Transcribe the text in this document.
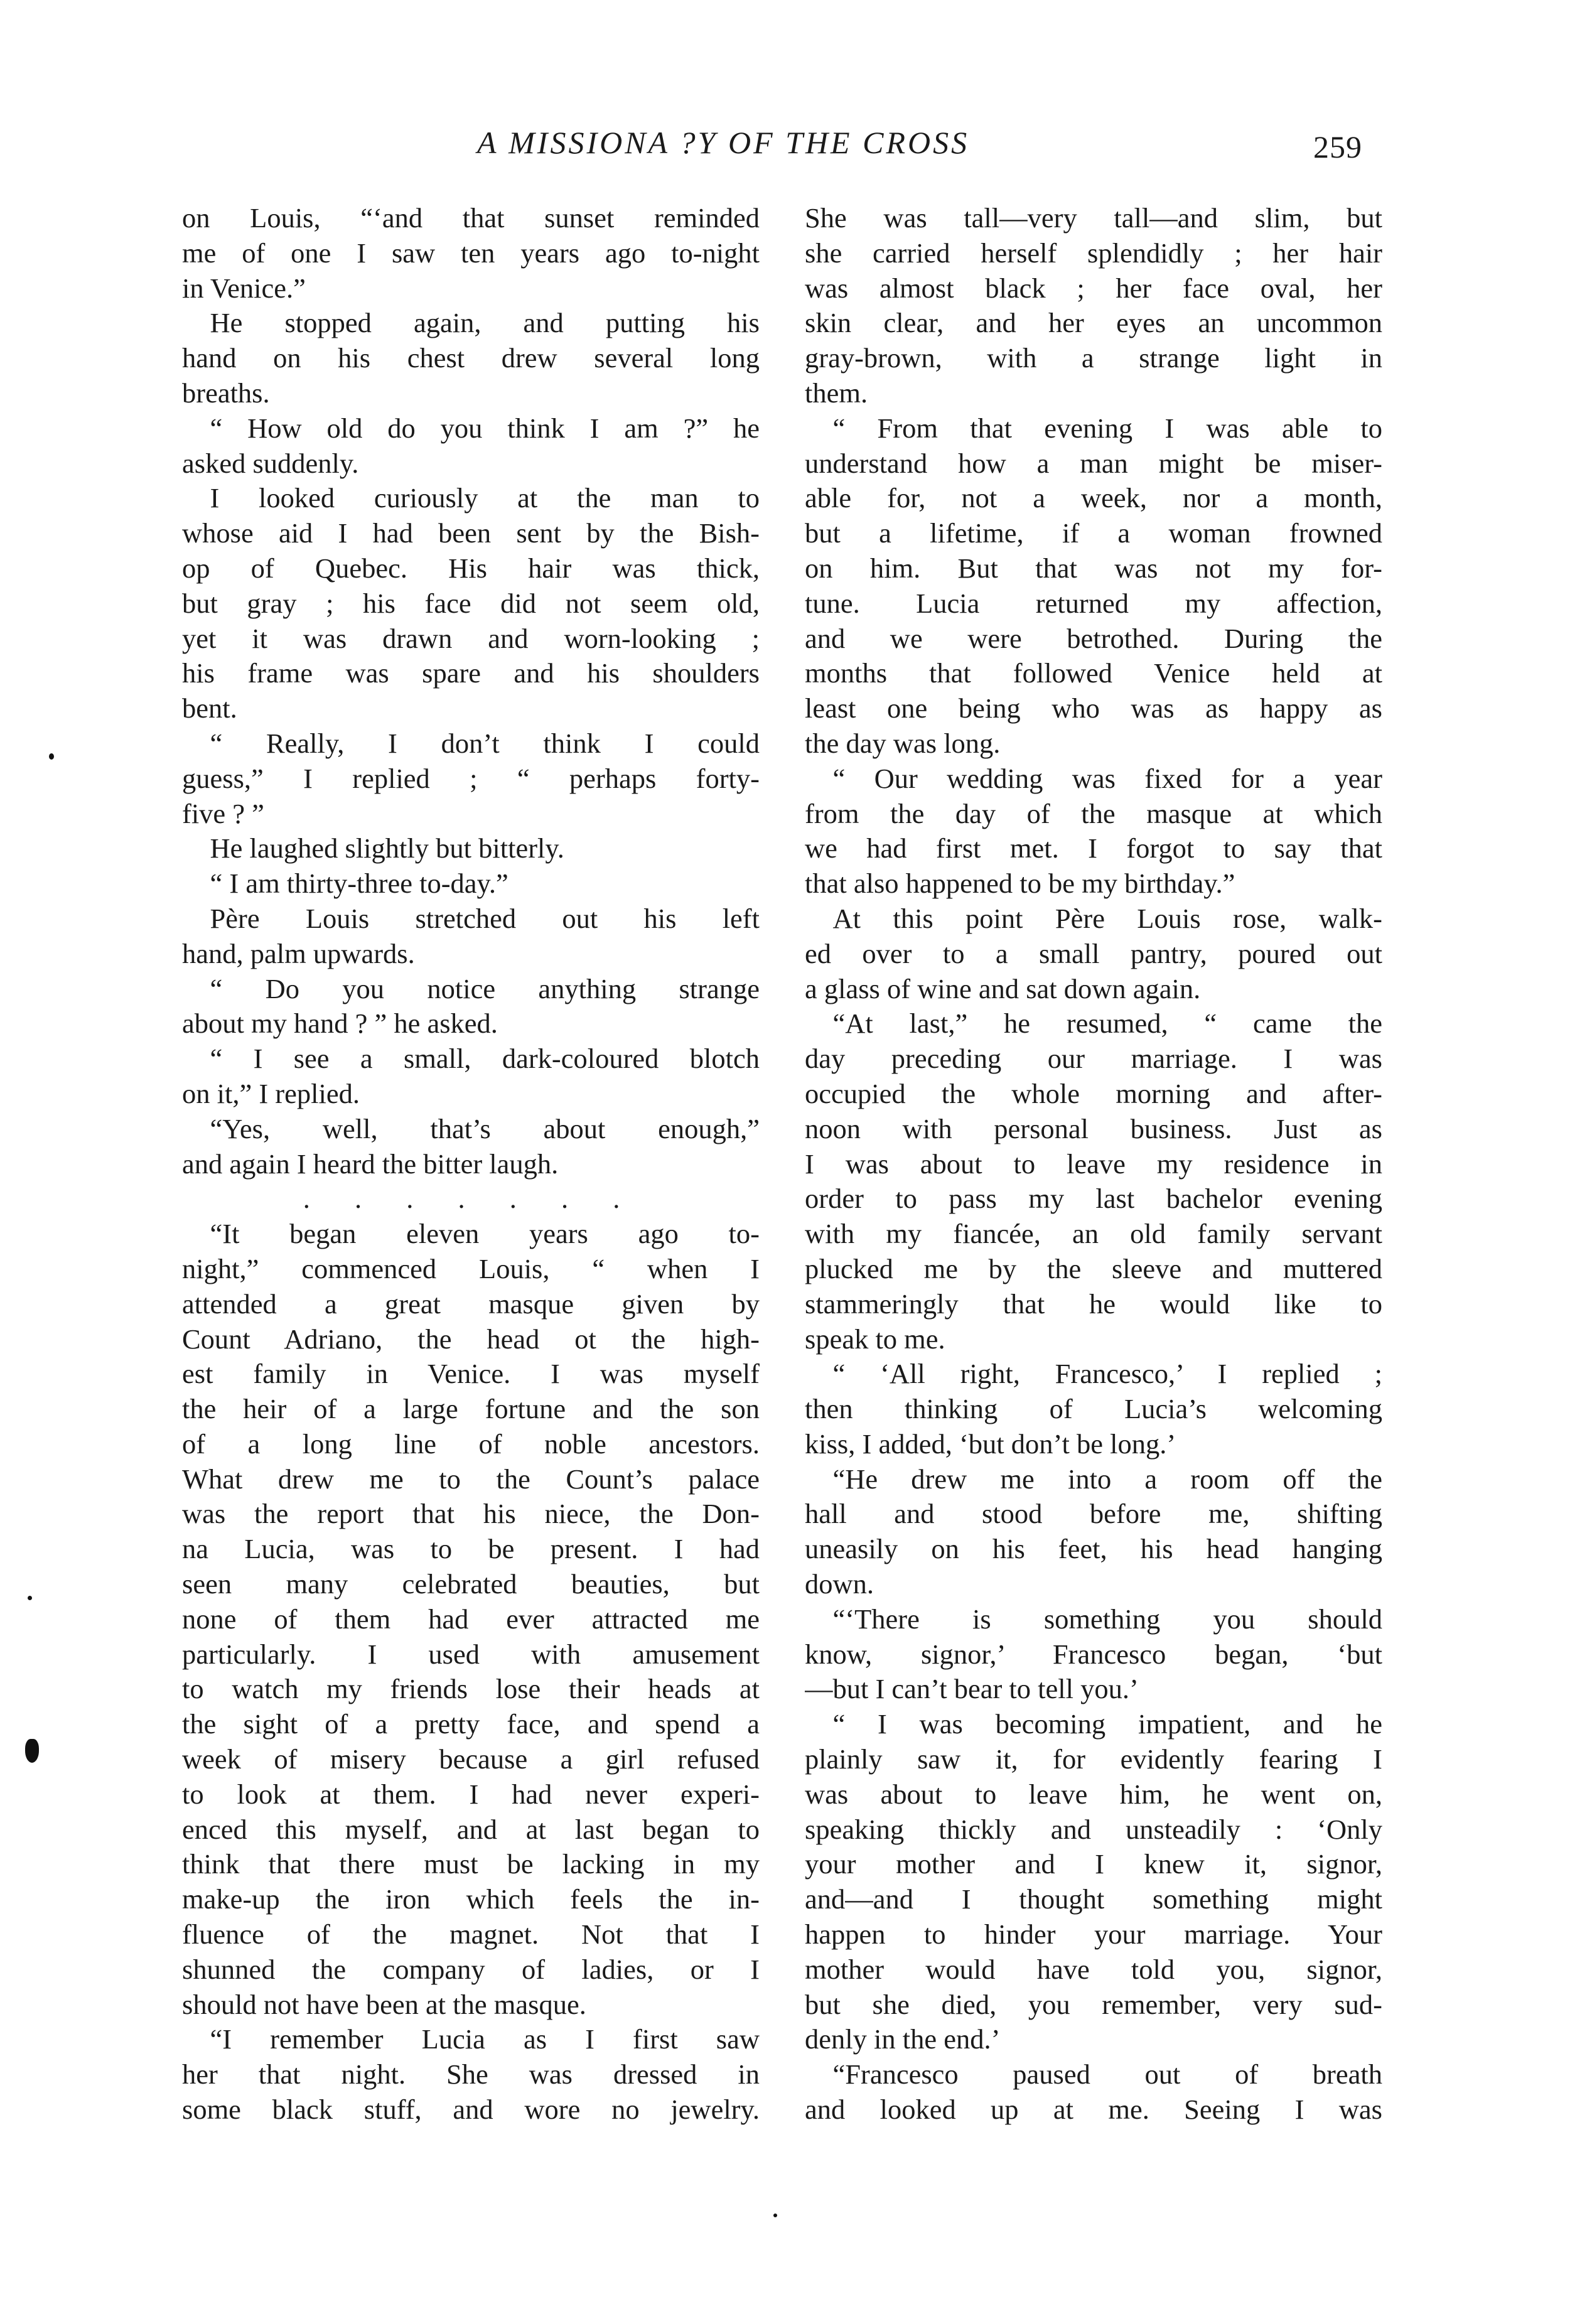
A MISSIONA ?Y OF THE CROSS	259
on Louis, “‘and that sunset reminded
me of one I saw ten years ago to-night
in Venice.”
 He stopped again, and putting his
hand on his chest drew several long
breaths.
 “ How old do you think I am ?” he
asked suddenly.
 I looked curiously at the man to
whose aid I had been sent by the Bish-
op of Quebec. His hair was thick,
but gray ; his face did not seem old,
yet it was drawn and worn-looking ;
his frame was spare and his shoulders
bent.
 “ Really, I don’t think I could
guess,” I replied ; “ perhaps forty-
five ? ”
 He laughed slightly but bitterly.
 “ I am thirty-three to-day.”
 Père Louis stretched out his left
hand, palm upwards.
 “ Do you notice anything strange
about my hand ? ” he asked.
 “ I see a small, dark-coloured blotch
on it,” I replied.
 “Yes, well, that’s about enough,”
and again I heard the bitter laugh.
. . . . . . .
 “It began eleven years ago to-
night,” commenced Louis, “ when I
attended a great masque given by
Count Adriano, the head ot the high-
est family in Venice. I was myself
the heir of a large fortune and the son
of a long line of noble ancestors.
What drew me to the Count’s palace
was the report that his niece, the Don-
na Lucia, was to be present. I had
seen many celebrated beauties, but
none of them had ever attracted me
particularly. I used with amusement
to watch my friends lose their heads at
the sight of a pretty face, and spend a
week of misery because a girl refused
to look at them. I had never experi-
enced this myself, and at last began to
think that there must be lacking in my
make-up the iron which feels the in-
fluence of the magnet. Not that I
shunned the company of ladies, or I
should not have been at the masque.
 “I remember Lucia as I first saw
her that night. She was dressed in
some black stuff, and wore no jewelry.
She was tall—very tall—and slim, but
she carried herself splendidly ; her hair
was almost black ; her face oval, her
skin clear, and her eyes an uncommon
gray-brown, with a strange light in
them.
 “ From that evening I was able to
understand how a man might be miser-
able for, not a week, nor a month,
but a lifetime, if a woman frowned
on him. But that was not my for-
tune. Lucia returned my affection,
and we were betrothed. During the
months that followed Venice held at
least one being who was as happy as
the day was long.
 “ Our wedding was fixed for a year
from the day of the masque at which
we had first met. I forgot to say that
that also happened to be my birthday.”
 At this point Père Louis rose, walk-
ed over to a small pantry, poured out
a glass of wine and sat down again.
 “At last,” he resumed, “ came the
day preceding our marriage. I was
occupied the whole morning and after-
noon with personal business. Just as
I was about to leave my residence in
order to pass my last bachelor evening
with my fiancée, an old family servant
plucked me by the sleeve and muttered
stammeringly that he would like to
speak to me.
 “ ‘All right, Francesco,’ I replied ;
then thinking of Lucia’s welcoming
kiss, I added, ‘but don’t be long.’
 “He drew me into a room off the
hall and stood before me, shifting
uneasily on his feet, his head hanging
down.
 “‘There is something you should
know, signor,’ Francesco began, ‘but
—but I can’t bear to tell you.’
 “ I was becoming impatient, and he
plainly saw it, for evidently fearing I
was about to leave him, he went on,
speaking thickly and unsteadily : ‘Only
your mother and I knew it, signor,
and—and I thought something might
happen to hinder your marriage. Your
mother would have told you, signor,
but she died, you remember, very sud-
denly in the end.’
 “Francesco paused out of breath
and looked up at me. Seeing I was
